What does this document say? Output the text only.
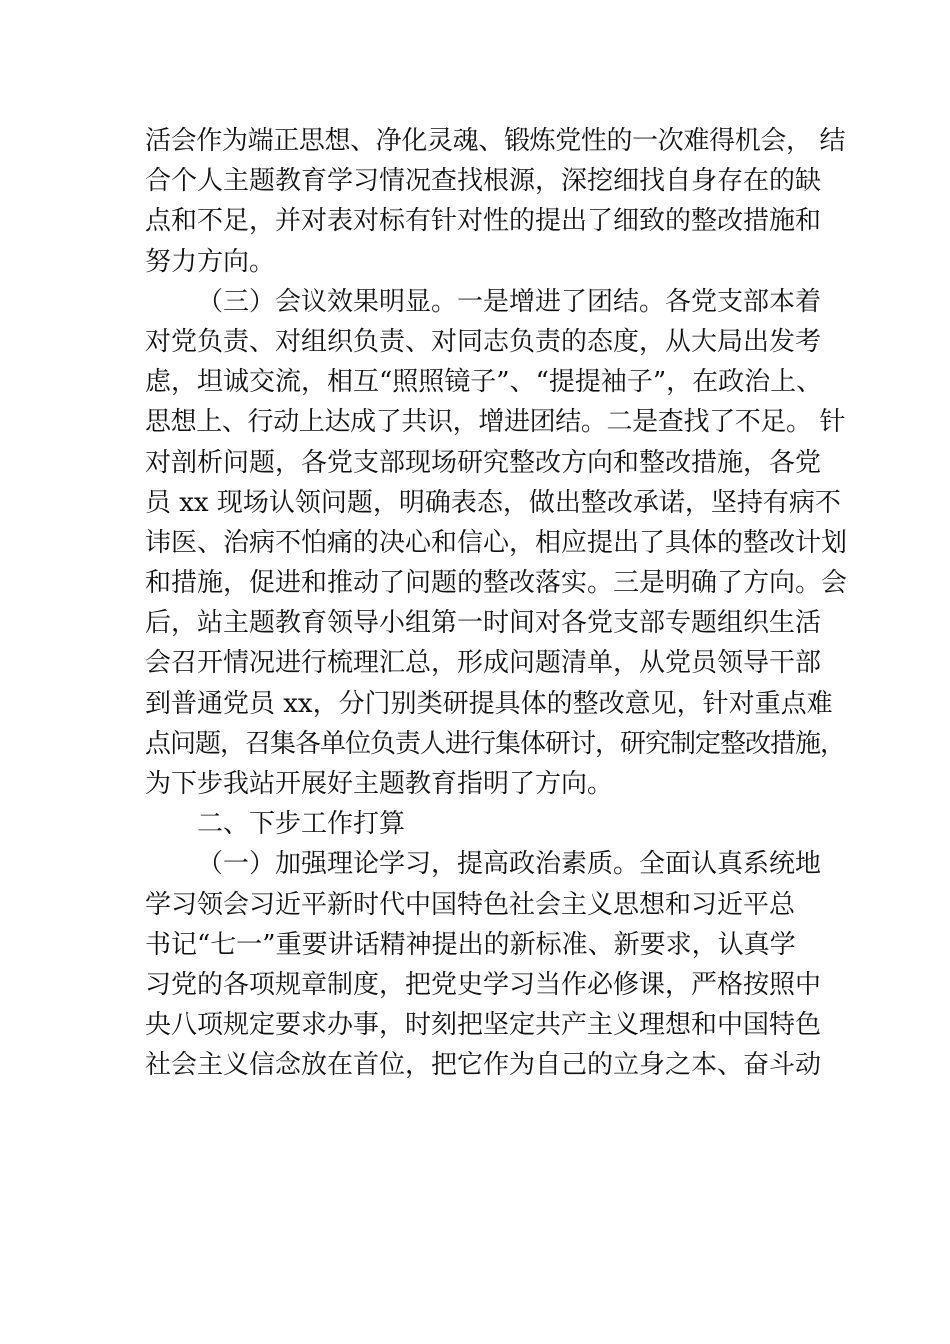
活会作为端正思想、净化灵魂、锻炼党性的一次难得机会， 结
合个人主题教育学习情况查找根源，深挖细找自身存在的缺
点和不足，并对表对标有针对性的提出了细致的整改措施和
努力方向。
（三）会议效果明显。一是增进了团结。各党支部本着
对党负责、对组织负责、对同志负责的态度，从大局出发考
虑，坦诚交流，相互“照照镜子”、“提提袖子”，在政治上、
思想上、行动上达成了共识，增进团结。二是查找了不足。 针
对剖析问题，各党支部现场研究整改方向和整改措施，各党
员 xx 现场认领问题，明确表态，做出整改承诺，坚持有病不
讳医、治病不怕痛的决心和信心，相应提出了具体的整改计划
和措施，促进和推动了问题的整改落实。三是明确了方向。会
后，站主题教育领导小组第一时间对各党支部专题组织生活
会召开情况进行梳理汇总，形成问题清单，从党员领导干部
到普通党员 xx，分门别类研提具体的整改意见，针对重点难
点问题，召集各单位负责人进行集体研讨，研究制定整改措施，
为下步我站开展好主题教育指明了方向。
二、下步工作打算
（一）加强理论学习，提高政治素质。全面认真系统地
学习领会习近平新时代中国特色社会主义思想和习近平总
书记“七一”重要讲话精神提出的新标准、新要求，认真学
习党的各项规章制度，把党史学习当作必修课，严格按照中
央八项规定要求办事，时刻把坚定共产主义理想和中国特色
社会主义信念放在首位，把它作为自己的立身之本、奋斗动
